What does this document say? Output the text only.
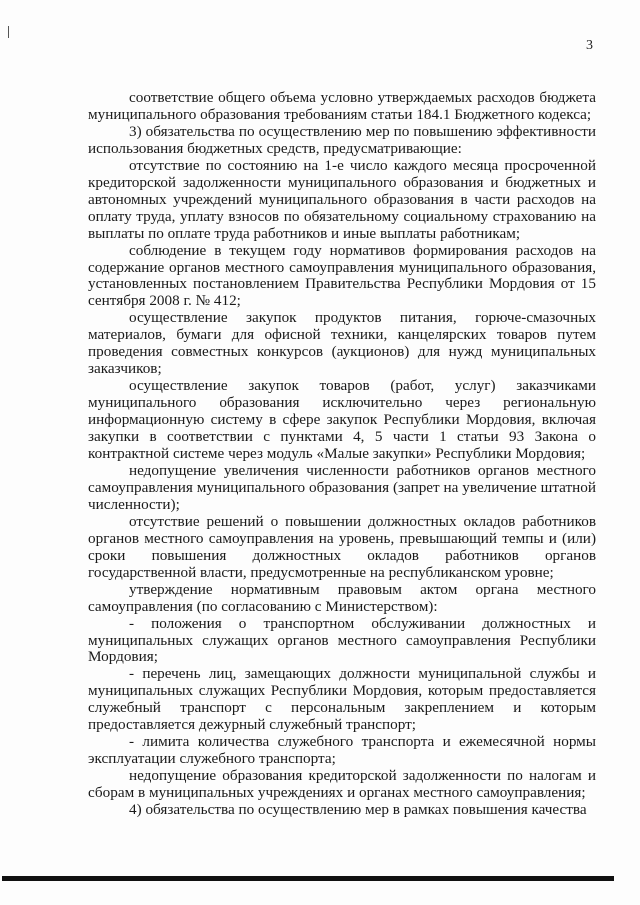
3

соответствие общего объема условно утверждаемых расходов бюджета муниципального образования требованиям статьи 184.1 Бюджетного кодекса;

3) обязательства по осуществлению мер по повышению эффективности использования бюджетных средств, предусматривающие:

отсутствие по состоянию на 1-е число каждого месяца просроченной кредиторской задолженности муниципального образования и бюджетных и автономных учреждений муниципального образования в части расходов на оплату труда, уплату взносов по обязательному социальному страхованию на выплаты по оплате труда работников и иные выплаты работникам;

соблюдение в текущем году нормативов формирования расходов на содержание органов местного самоуправления муниципального образования, установленных постановлением Правительства Республики Мордовия от 15 сентября 2008 г. № 412;

осуществление закупок продуктов питания, горюче-смазочных материалов, бумаги для офисной техники, канцелярских товаров путем проведения совместных конкурсов (аукционов) для нужд муниципальных заказчиков;

осуществление закупок товаров (работ, услуг) заказчиками муниципального образования исключительно через региональную информационную систему в сфере закупок Республики Мордовия, включая закупки в соответствии с пунктами 4, 5 части 1 статьи 93 Закона о контрактной системе через модуль «Малые закупки» Республики Мордовия;

недопущение увеличения численности работников органов местного самоуправления муниципального образования (запрет на увеличение штатной численности);

отсутствие решений о повышении должностных окладов работников органов местного самоуправления на уровень, превышающий темпы и (или) сроки повышения должностных окладов работников органов государственной власти, предусмотренные на республиканском уровне;

утверждение нормативным правовым актом органа местного самоуправления (по согласованию с Министерством):

- положения о транспортном обслуживании должностных и муниципальных служащих органов местного самоуправления Республики Мордовия;

- перечень лиц, замещающих должности муниципальной службы и муниципальных служащих Республики Мордовия, которым предоставляется служебный транспорт с персональным закреплением и которым предоставляется дежурный служебный транспорт;

- лимита количества служебного транспорта и ежемесячной нормы эксплуатации служебного транспорта;

недопущение образования кредиторской задолженности по налогам и сборам в муниципальных учреждениях и органах местного самоуправления;

4) обязательства по осуществлению мер в рамках повышения качества
